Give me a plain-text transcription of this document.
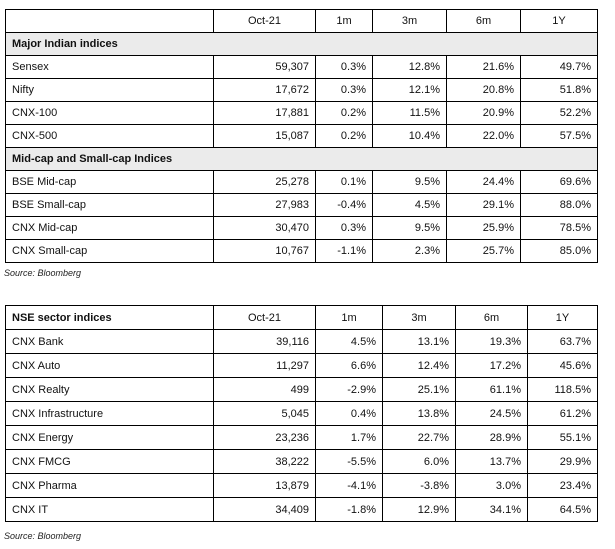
	Oct-21	1m	3m	6m	1Y
Major Indian indices					
Sensex	59,307	0.3%	12.8%	21.6%	49.7%
Nifty	17,672	0.3%	12.1%	20.8%	51.8%
CNX-100	17,881	0.2%	11.5%	20.9%	52.2%
CNX-500	15,087	0.2%	10.4%	22.0%	57.5%
Mid-cap and Small-cap Indices					
BSE Mid-cap	25,278	0.1%	9.5%	24.4%	69.6%
BSE Small-cap	27,983	-0.4%	4.5%	29.1%	88.0%
CNX Mid-cap	30,470	0.3%	9.5%	25.9%	78.5%
CNX Small-cap	10,767	-1.1%	2.3%	25.7%	85.0%
Source: Bloomberg
NSE sector indices	Oct-21	1m	3m	6m	1Y
CNX Bank	39,116	4.5%	13.1%	19.3%	63.7%
CNX Auto	11,297	6.6%	12.4%	17.2%	45.6%
CNX Realty	499	-2.9%	25.1%	61.1%	118.5%
CNX Infrastructure	5,045	0.4%	13.8%	24.5%	61.2%
CNX Energy	23,236	1.7%	22.7%	28.9%	55.1%
CNX FMCG	38,222	-5.5%	6.0%	13.7%	29.9%
CNX Pharma	13,879	-4.1%	-3.8%	3.0%	23.4%
CNX IT	34,409	-1.8%	12.9%	34.1%	64.5%
Source: Bloomberg
